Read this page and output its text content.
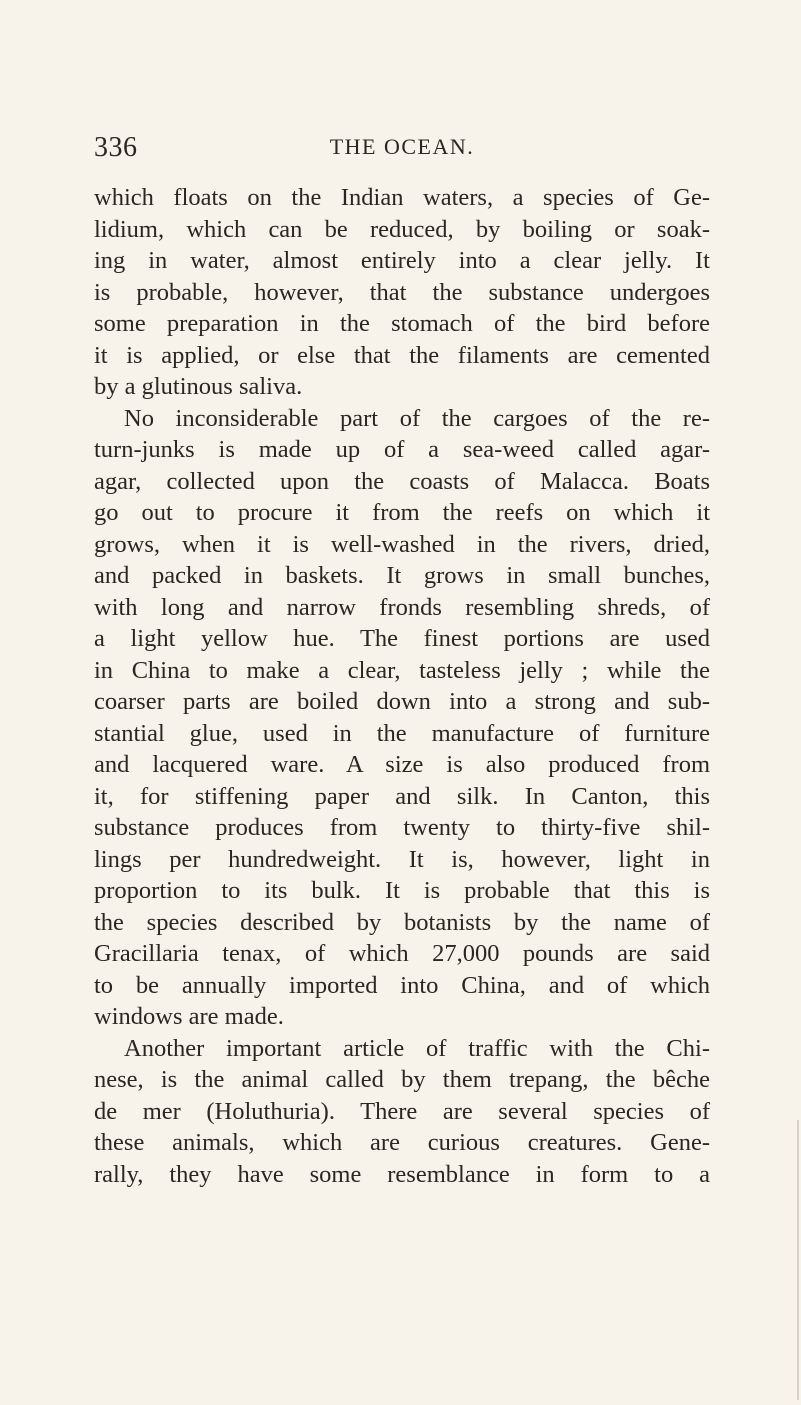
336	THE OCEAN.
which floats on the Indian waters, a species of Ge-
lidium, which can be reduced, by boiling or soak-
ing in water, almost entirely into a clear jelly. It
is probable, however, that the substance undergoes
some preparation in the stomach of the bird before
it is applied, or else that the filaments are cemented
by a glutinous saliva.
No inconsiderable part of the cargoes of the re-
turn-junks is made up of a sea-weed called agar-
agar, collected upon the coasts of Malacca. Boats
go out to procure it from the reefs on which it
grows, when it is well-washed in the rivers, dried,
and packed in baskets. It grows in small bunches,
with long and narrow fronds resembling shreds, of
a light yellow hue. The finest portions are used
in China to make a clear, tasteless jelly ; while the
coarser parts are boiled down into a strong and sub-
stantial glue, used in the manufacture of furniture
and lacquered ware. A size is also produced from
it, for stiffening paper and silk. In Canton, this
substance produces from twenty to thirty-five shil-
lings per hundredweight. It is, however, light in
proportion to its bulk. It is probable that this is
the species described by botanists by the name of
Gracillaria tenax, of which 27,000 pounds are said
to be annually imported into China, and of which
windows are made.
Another important article of traffic with the Chi-
nese, is the animal called by them trepang, the bêche
de mer (Holuthuria). There are several species of
these animals, which are curious creatures. Gene-
rally, they have some resemblance in form to a
